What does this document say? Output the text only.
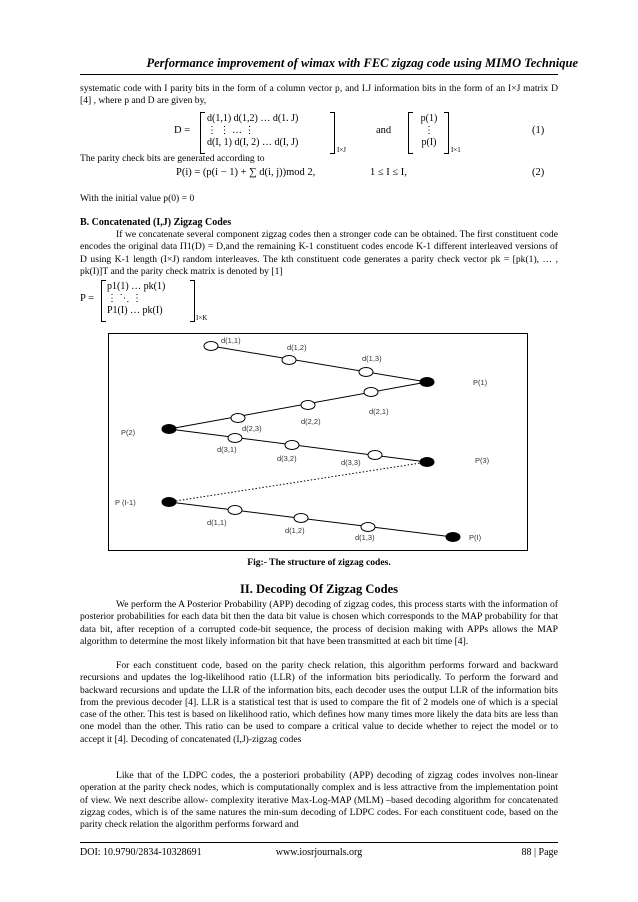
Performance improvement of wimax with FEC zigzag code using MIMO Technique
systematic code with I parity bits in the form of a column vector p, and I.J information bits in the form of an I×J matrix D [4] , where p and D are given by,
D =
d(1,1) d(1,2) … d(1. J)
⋮ ⋮ … ⋮
d(I, 1) d(I, 2) … d(I, J)
I×J
and
p(1)
⋮
p(I)
I×1
(1)
The parity check bits are generated according to
P(i) = (p(i − 1) + ∑ d(i, j))mod 2,	1 ≤ I ≤ I,	(2)
With the initial value p(0) = 0
B. Concatenated (I,J) Zigzag Codes
If we concatenate several component zigzag codes then a stronger code can be obtained. The first constituent code encodes the original data Π1(D) = D,and the remaining K-1 constituent codes encode K-1 different interleaved versions of D using K-1 length (I×J) random interleaves. The kth constituent code generates a parity check vector pk = [pk(1), … , pk(I)]T and the parity check matrix is denoted by [1]
P =
p1(1) … pk(1)
⋮ ⋱ ⋮
P1(I) … pk(I)
I×K
d(1,1)
d(1,2)
d(1,3)
P(1)
d(2,1)
d(2,2)
d(2,3)
P(2)
d(3,1)
d(3,2)	d(3,3)	P(3)
P (I-1)
d(1,1)
d(1,2)
d(1,3)	P(I)
Fig:- The structure of zigzag codes.
II. Decoding Of Zigzag Codes
We perform the A Posterior Probability (APP) decoding of zigzag codes, this process starts with the information of posterior probabilities for each data bit then the data bit value is chosen which corresponds to the MAP probability for that data bit, after reception of a corrupted code-bit sequence, the process of decision making with APPs allows the MAP algorithm to determine the most likely information bit that have been transmitted at each bit time [4].
For each constituent code, based on the parity check relation, this algorithm performs forward and backward recursions and updates the log-likelihood ratio (LLR) of the information bits periodically. To perform the forward and backward recursions and update the LLR of the information bits, each decoder uses the output LLR of the information bits from the previous decoder [4]. LLR is a statistical test that is used to compare the fit of 2 models one of which is a special case of the other. This test is based on likelihood ratio, which defines how many times more likely the data bits are less than one model than the other. This ratio can be used to compare a critical value to decide whether to reject the model or to accept it [4]. Decoding of concatenated (I,J)-zigzag codes
Like that of the LDPC codes, the a posteriori probability (APP) decoding of zigzag codes involves non-linear operation at the parity check nodes, which is computationally complex and is less attractive from the implementation point of view. We next describe allow- complexity iterative Max-Log-MAP (MLM) –based decoding algorithm for concatenated zigzag codes, which is of the same natures the min-sum decoding of LDPC codes. For each constituent code, based on the parity check relation the algorithm performs forward and
DOI: 10.9790/2834-10328691	www.iosrjournals.org	88 | Page
